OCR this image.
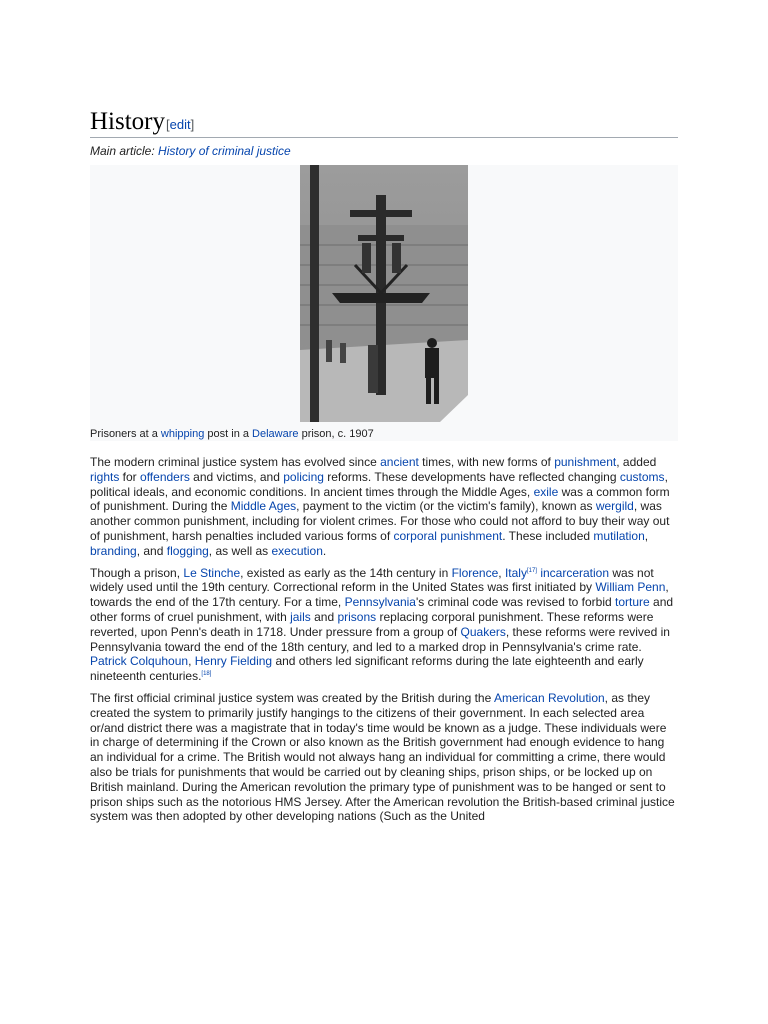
History [edit]
Main article: History of criminal justice
Prisoners at a whipping post in a Delaware prison, c. 1907

The modern criminal justice system has evolved since ancient times, with new forms of punishment, added rights for offenders and victims, and policing reforms. These developments have reflected changing customs, political ideals, and economic conditions. In ancient times through the Middle Ages, exile was a common form of punishment. During the Middle Ages, payment to the victim (or the victim's family), known as wergild, was another common punishment, including for violent crimes. For those who could not afford to buy their way out of punishment, harsh penalties included various forms of corporal punishment. These included mutilation, branding, and flogging, as well as execution.

Though a prison, Le Stinche, existed as early as the 14th century in Florence, Italy[17] incarceration was not widely used until the 19th century. Correctional reform in the United States was first initiated by William Penn, towards the end of the 17th century. For a time, Pennsylvania's criminal code was revised to forbid torture and other forms of cruel punishment, with jails and prisons replacing corporal punishment. These reforms were reverted, upon Penn's death in 1718. Under pressure from a group of Quakers, these reforms were revived in Pennsylvania toward the end of the 18th century, and led to a marked drop in Pennsylvania's crime rate. Patrick Colquhoun, Henry Fielding and others led significant reforms during the late eighteenth and early nineteenth centuries.[18]

The first official criminal justice system was created by the British during the American Revolution, as they created the system to primarily justify hangings to the citizens of their government. In each selected area or/and district there was a magistrate that in today's time would be known as a judge. These individuals were in charge of determining if the Crown or also known as the British government had enough evidence to hang an individual for a crime. The British would not always hang an individual for committing a crime, there would also be trials for punishments that would be carried out by cleaning ships, prison ships, or be locked up on British mainland. During the American revolution the primary type of punishment was to be hanged or sent to prison ships such as the notorious HMS Jersey. After the American revolution the British-based criminal justice system was then adopted by other developing nations (Such as the United
